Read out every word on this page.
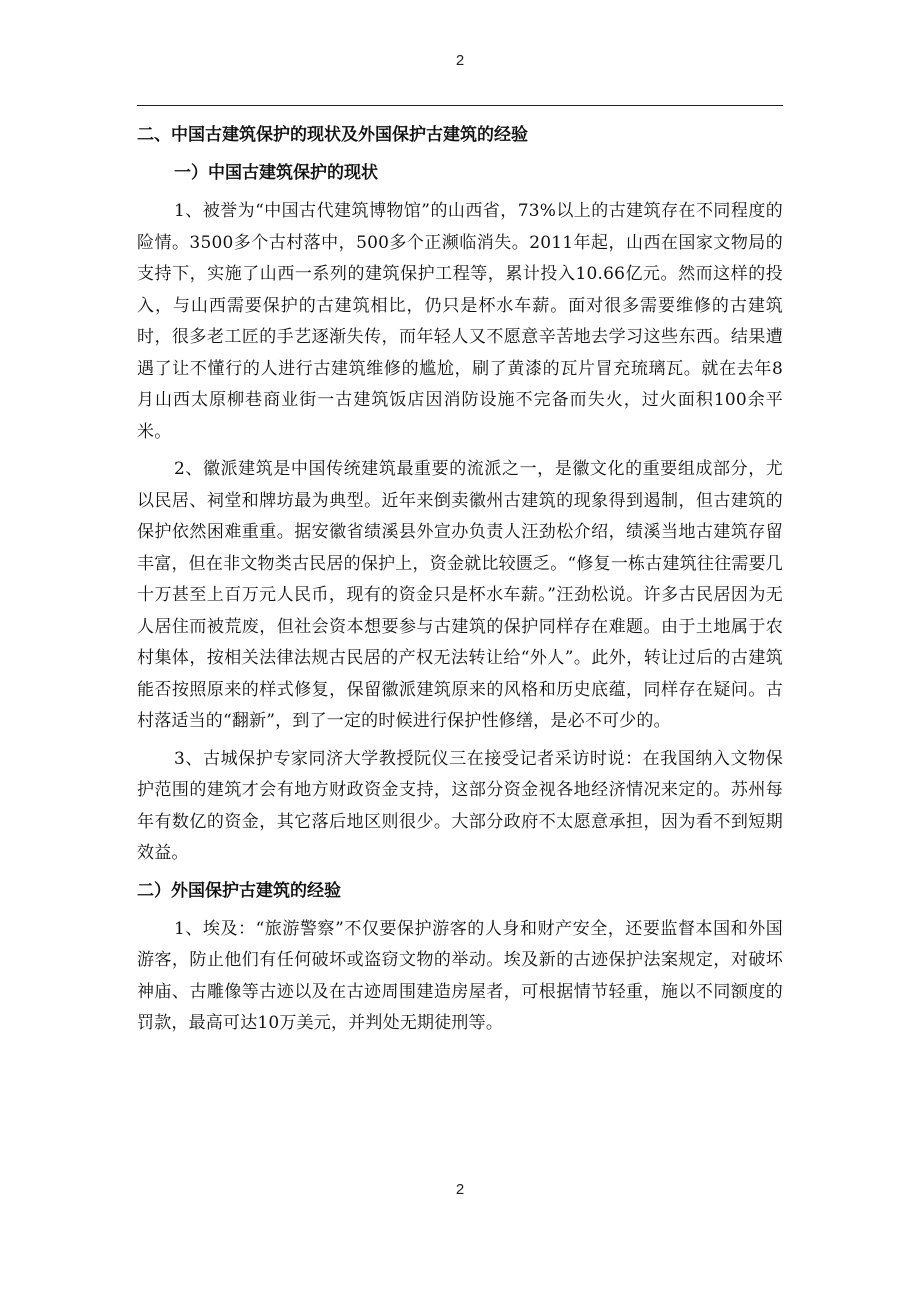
2
二、中国古建筑保护的现状及外国保护古建筑的经验
一）中国古建筑保护的现状

1、被誉为“中国古代建筑博物馆”的山西省，73%以上的古建筑存在不同程度的险情。3500多个古村落中，500多个正濒临消失。2011年起，山西在国家文物局的支持下，实施了山西一系列的建筑保护工程等，累计投入10.66亿元。然而这样的投入，与山西需要保护的古建筑相比，仍只是杯水车薪。面对很多需要维修的古建筑时，很多老工匠的手艺逐渐失传，而年轻人又不愿意辛苦地去学习这些东西。结果遭遇了让不懂行的人进行古建筑维修的尴尬，刷了黄漆的瓦片冒充琉璃瓦。就在去年8月山西太原柳巷商业街一古建筑饭店因消防设施不完备而失火，过火面积100余平米。

2、徽派建筑是中国传统建筑最重要的流派之一，是徽文化的重要组成部分，尤以民居、祠堂和牌坊最为典型。近年来倒卖徽州古建筑的现象得到遏制，但古建筑的保护依然困难重重。据安徽省绩溪县外宣办负责人汪劲松介绍，绩溪当地古建筑存留丰富，但在非文物类古民居的保护上，资金就比较匮乏。“修复一栋古建筑往往需要几十万甚至上百万元人民币，现有的资金只是杯水车薪。”汪劲松说。许多古民居因为无人居住而被荒废，但社会资本想要参与古建筑的保护同样存在难题。由于土地属于农村集体，按相关法律法规古民居的产权无法转让给“外人”。此外，转让过后的古建筑能否按照原来的样式修复，保留徽派建筑原来的风格和历史底蕴，同样存在疑问。古村落适当的“翻新”，到了一定的时候进行保护性修缮，是必不可少的。

3、古城保护专家同济大学教授阮仪三在接受记者采访时说：在我国纳入文物保护范围的建筑才会有地方财政资金支持，这部分资金视各地经济情况来定的。苏州每年有数亿的资金，其它落后地区则很少。大部分政府不太愿意承担，因为看不到短期效益。

二）外国保护古建筑的经验

1、埃及：“旅游警察”不仅要保护游客的人身和财产安全，还要监督本国和外国游客，防止他们有任何破坏或盗窃文物的举动。埃及新的古迹保护法案规定，对破坏神庙、古雕像等古迹以及在古迹周围建造房屋者，可根据情节轻重，施以不同额度的罚款，最高可达10万美元，并判处无期徒刑等。

2
